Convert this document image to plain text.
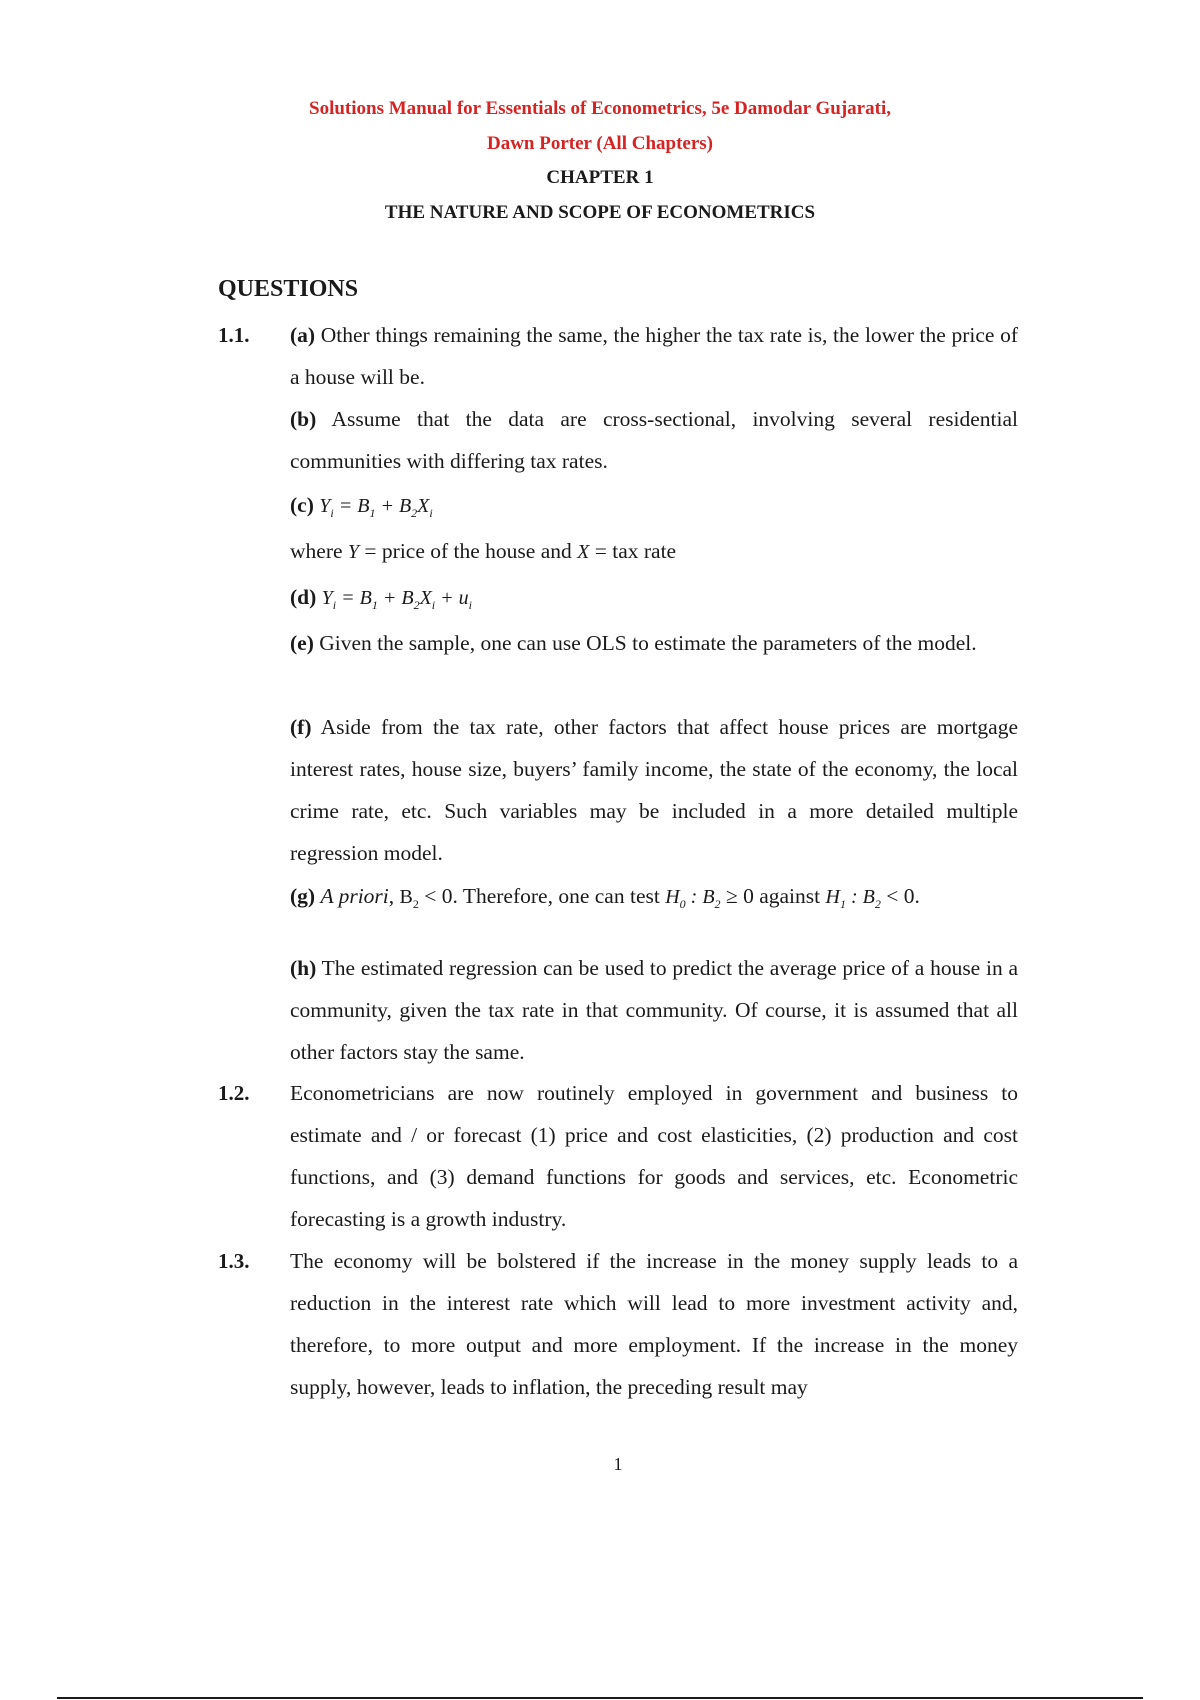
Solutions Manual for Essentials of Econometrics, 5e Damodar Gujarati,
Dawn Porter (All Chapters)
CHAPTER 1
THE NATURE AND SCOPE OF ECONOMETRICS
QUESTIONS
1.1. (a) Other things remaining the same, the higher the tax rate is, the lower the price of a house will be.
(b) Assume that the data are cross-sectional, involving several residential communities with differing tax rates.
(c) $Y_i = B_1 + B_2X_i$
where Y = price of the house and X = tax rate
(d) $Y_i = B_1 + B_2X_i + u_i$
(e) Given the sample, one can use OLS to estimate the parameters of the model.
(f) Aside from the tax rate, other factors that affect house prices are mortgage interest rates, house size, buyers’ family income, the state of the economy, the local crime rate, etc. Such variables may be included in a more detailed multiple regression model.
(g) A priori, $B_2 < 0$. Therefore, one can test $H_0$ : $B_2 \ge 0$ against $H_1$ : $B_2 < 0$.
(h) The estimated regression can be used to predict the average price of a house in a community, given the tax rate in that community. Of course, it is assumed that all other factors stay the same.
1.2. Econometricians are now routinely employed in government and business to estimate and / or forecast (1) price and cost elasticities, (2) production and cost functions, and (3) demand functions for goods and services, etc. Econometric forecasting is a growth industry.
1.3. The economy will be bolstered if the increase in the money supply leads to a reduction in the interest rate which will lead to more investment activity and, therefore, to more output and more employment. If the increase in the money supply, however, leads to inflation, the preceding result may
1
